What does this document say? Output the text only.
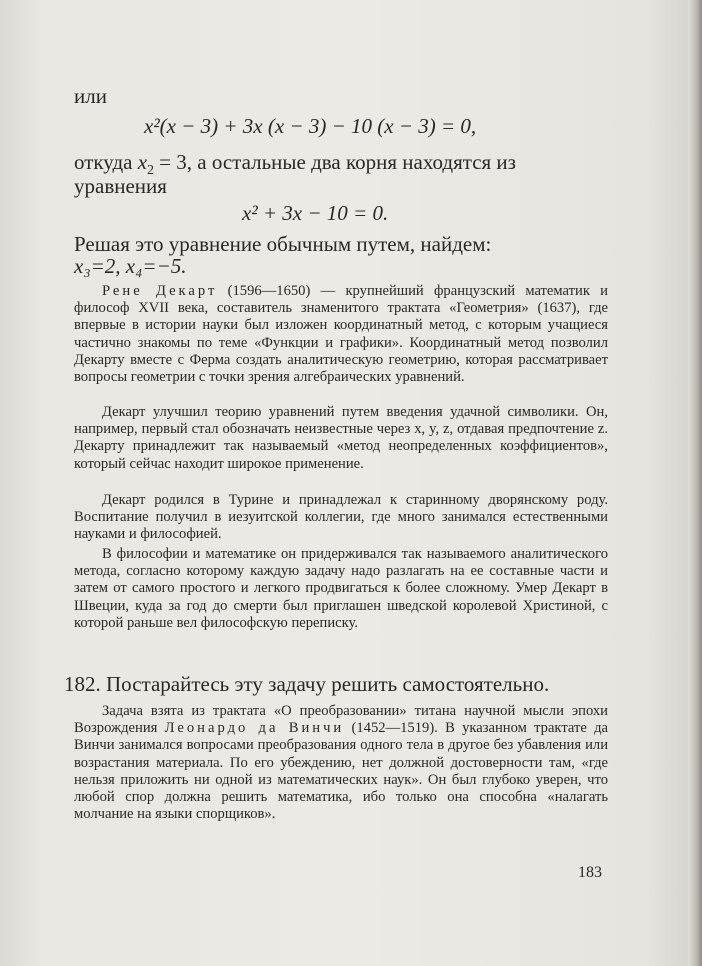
или
x²(x − 3) + 3x (x − 3) − 10 (x − 3) = 0,
откуда $x_2 = 3$, а остальные два корня находятся из
уравнения
x² + 3x − 10 = 0.
Решая это уравнение обычным путем, найдем:
x₃=2, x₄=−5.
Рене Декарт (1596—1650) — крупнейший французский математик и философ XVII века, составитель знаменитого трактата «Геометрия» (1637), где впервые в истории науки был изложен координатный метод, с которым учащиеся частично знакомы по теме «Функции и графики». Координатный метод позволил Декарту вместе с Ферма создать аналитическую геометрию, которая рассматривает вопросы геометрии с точки зрения алгебраических уравнений.
Декарт улучшил теорию уравнений путем введения удачной символики. Он, например, первый стал обозначать неизвестные через x, y, z, отдавая предпочтение z. Декарту принадлежит так называемый «метод неопределенных коэффициентов», который сейчас находит широкое применение.
Декарт родился в Турине и принадлежал к старинному дворянскому роду. Воспитание получил в иезуитской коллегии, где много занимался естественными науками и философией.
В философии и математике он придерживался так называемого аналитического метода, согласно которому каждую задачу надо разлагать на ее составные части и затем от самого простого и легкого продвигаться к более сложному. Умер Декарт в Швеции, куда за год до смерти был приглашен шведской королевой Христиной, с которой раньше вел философскую переписку.
182. Постарайтесь эту задачу решить самостоятельно.
Задача взята из трактата «О преобразовании» титана научной мысли эпохи Возрождения Леонардо да Винчи (1452—1519). В указанном трактате да Винчи занимался вопросами преобразования одного тела в другое без убавления или возрастания материала. По его убеждению, нет должной достоверности там, «где нельзя приложить ни одной из математических наук». Он был глубоко уверен, что любой спор должна решить математика, ибо только она способна «налагать молчание на языки спорщиков».
183
